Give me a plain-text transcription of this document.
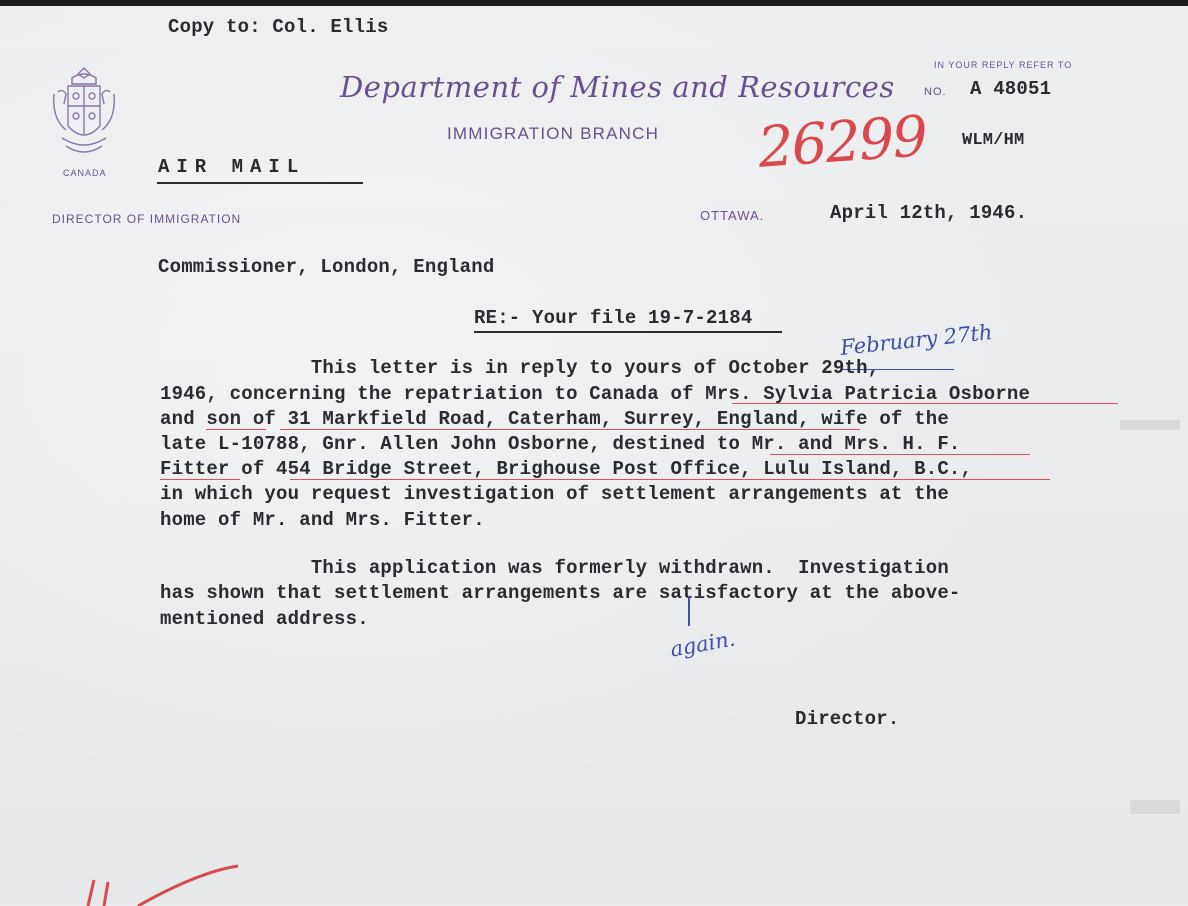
Copy to: Col. Ellis
CANADA
Department of Mines and Resources
IMMIGRATION BRANCH
IN YOUR REPLY REFER TO
NO. A 48051
AIR MAIL	26299 WLM/HM
DIRECTOR OF IMMIGRATION	OTTAWA.	April 12th, 1946.
Commissioner, London, England
RE:- Your file 19-7-2184
February 27th
This letter is in reply to yours of October 29th,
1946, concerning the repatriation to Canada of Mrs. Sylvia Patricia Osborne
and son of 31 Markfield Road, Caterham, Surrey, England, wife of the
late L-10788, Gnr. Allen John Osborne, destined to Mr. and Mrs. H. F.
Fitter of 454 Bridge Street, Brighouse Post Office, Lulu Island, B.C.,
in which you request investigation of settlement arrangements at the
home of Mr. and Mrs. Fitter.
This application was formerly withdrawn.  Investigation
has shown that settlement arrangements are satisfactory at the above-
mentioned address.
again.
Director.
